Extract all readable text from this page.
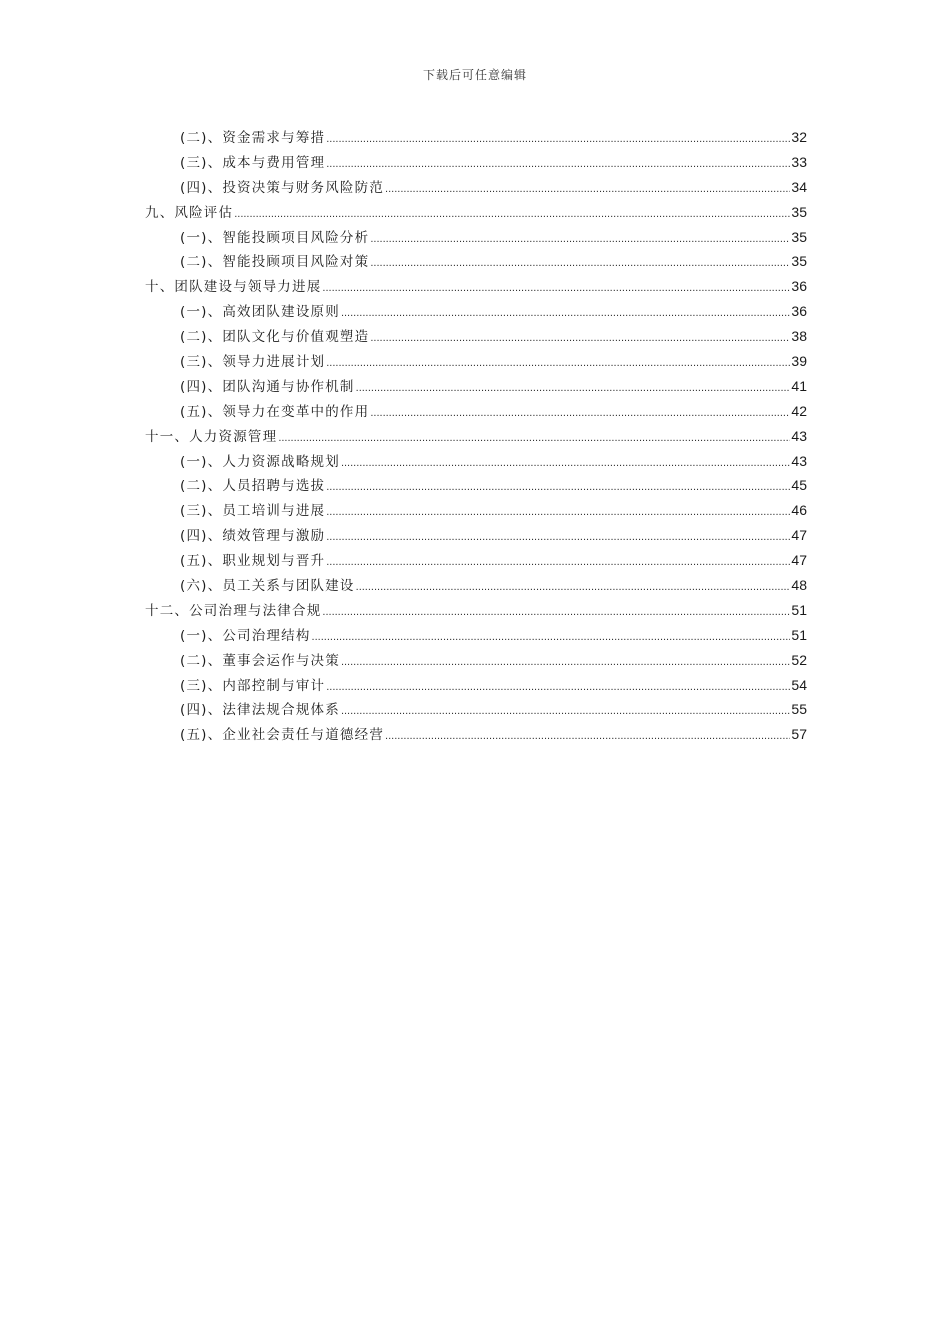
下载后可任意编辑
(二)、资金需求与筹措 .....	32
(三)、成本与费用管理 .....	33
(四)、投资决策与财务风险防范 .....	34
九、风险评估 .....	35
(一)、智能投顾项目风险分析 .....	35
(二)、智能投顾项目风险对策 .....	35
十、团队建设与领导力进展 .....	36
(一)、高效团队建设原则 .....	36
(二)、团队文化与价值观塑造 .....	38
(三)、领导力进展计划 .....	39
(四)、团队沟通与协作机制 .....	41
(五)、领导力在变革中的作用 .....	42
十一、人力资源管理 .....	43
(一)、人力资源战略规划 .....	43
(二)、人员招聘与选拔 .....	45
(三)、员工培训与进展 .....	46
(四)、绩效管理与激励 .....	47
(五)、职业规划与晋升 .....	47
(六)、员工关系与团队建设 .....	48
十二、公司治理与法律合规 .....	51
(一)、公司治理结构 .....	51
(二)、董事会运作与决策 .....	52
(三)、内部控制与审计 .....	54
(四)、法律法规合规体系 .....	55
(五)、企业社会责任与道德经营 .....	57
